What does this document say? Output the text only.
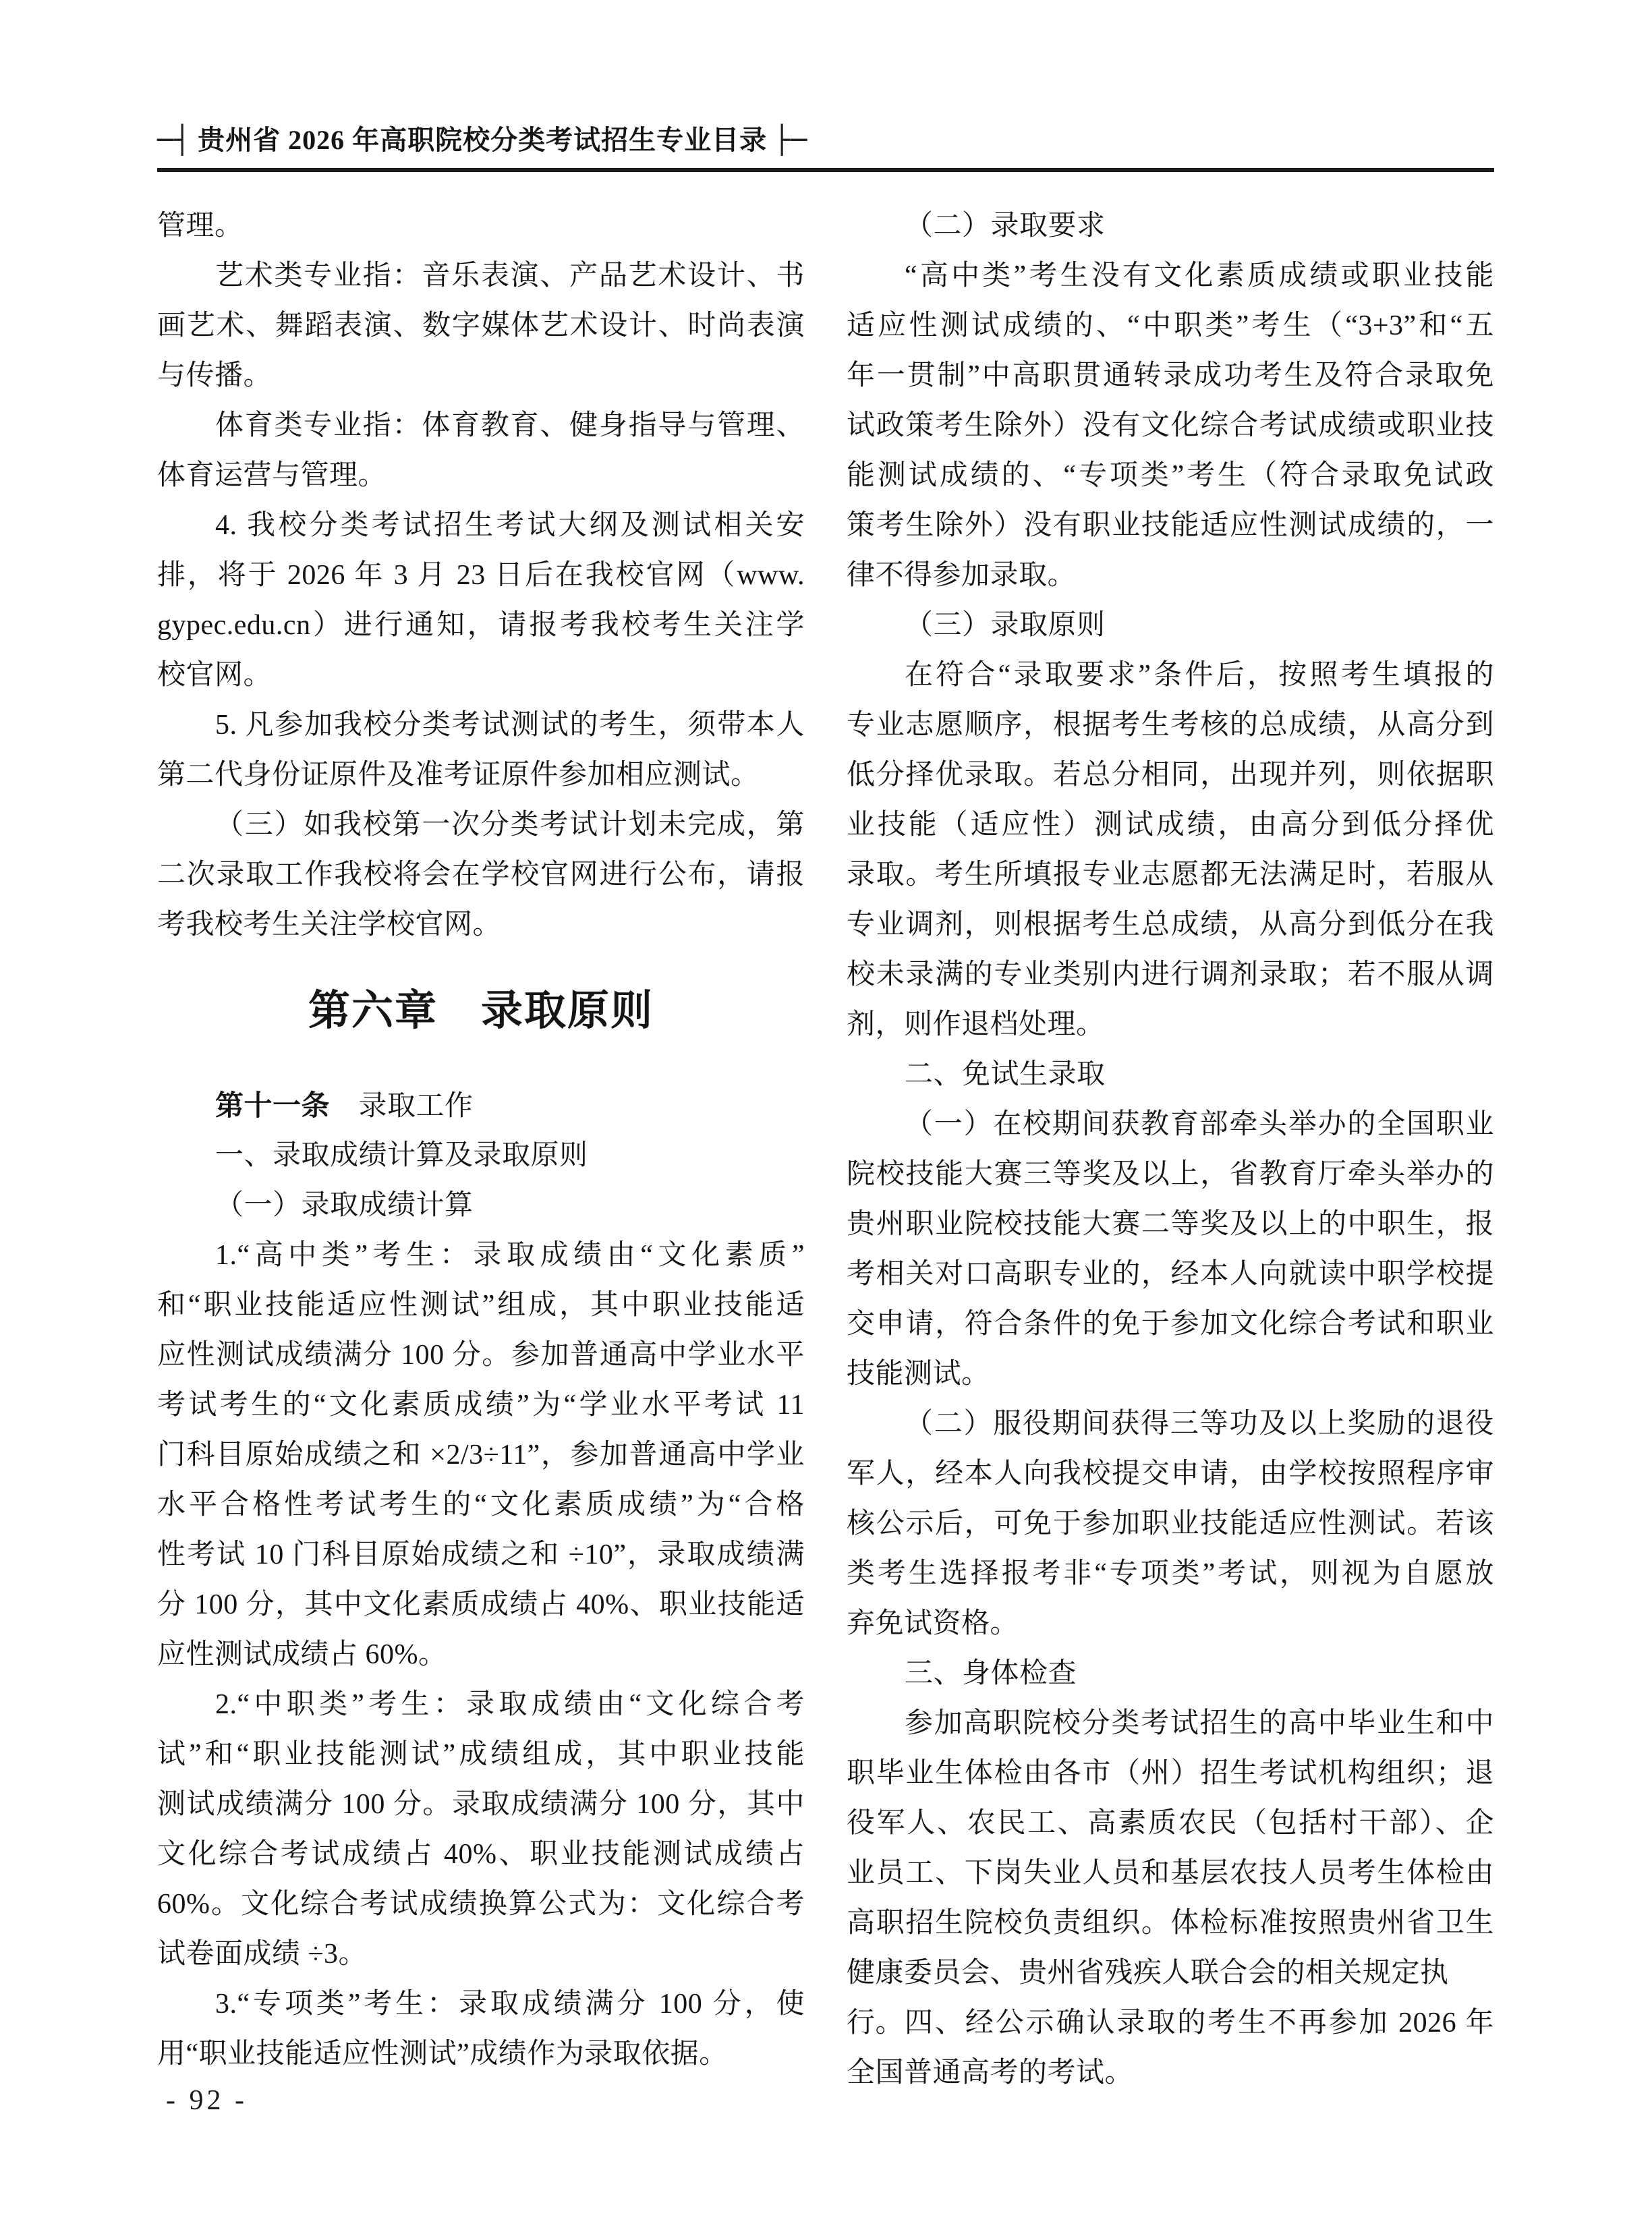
─┤ 贵州省 2026 年高职院校分类考试招生专业目录 ├─
管理。
艺术类专业指：音乐表演、产品艺术设计、书
画艺术、舞蹈表演、数字媒体艺术设计、时尚表演
与传播。
体育类专业指：体育教育、健身指导与管理、
体育运营与管理。
4. 我校分类考试招生考试大纲及测试相关安
排，将于 2026 年 3 月 23 日后在我校官网（www.
gypec.edu.cn）进行通知，请报考我校考生关注学
校官网。
5. 凡参加我校分类考试测试的考生，须带本人
第二代身份证原件及准考证原件参加相应测试。
（三）如我校第一次分类考试计划未完成，第
二次录取工作我校将会在学校官网进行公布，请报
考我校考生关注学校官网。
第六章　录取原则
第十一条　录取工作
一、录取成绩计算及录取原则
（一）录取成绩计算
1.“高中类”考生：录取成绩由“文化素质”
和“职业技能适应性测试”组成，其中职业技能适
应性测试成绩满分 100 分。参加普通高中学业水平
考试考生的“文化素质成绩”为“学业水平考试 11
门科目原始成绩之和 ×2/3÷11”，参加普通高中学业
水平合格性考试考生的“文化素质成绩”为“合格
性考试 10 门科目原始成绩之和 ÷10”，录取成绩满
分 100 分，其中文化素质成绩占 40%、职业技能适
应性测试成绩占 60%。
2.“中职类”考生：录取成绩由“文化综合考
试”和“职业技能测试”成绩组成，其中职业技能
测试成绩满分 100 分。录取成绩满分 100 分，其中
文化综合考试成绩占 40%、职业技能测试成绩占
60%。文化综合考试成绩换算公式为：文化综合考
试卷面成绩 ÷3。
3.“专项类”考生：录取成绩满分 100 分，使
用“职业技能适应性测试”成绩作为录取依据。
（二）录取要求
“高中类”考生没有文化素质成绩或职业技能
适应性测试成绩的、“中职类”考生（“3+3”和“五
年一贯制”中高职贯通转录成功考生及符合录取免
试政策考生除外）没有文化综合考试成绩或职业技
能测试成绩的、“专项类”考生（符合录取免试政
策考生除外）没有职业技能适应性测试成绩的，一
律不得参加录取。
（三）录取原则
在符合“录取要求”条件后，按照考生填报的
专业志愿顺序，根据考生考核的总成绩，从高分到
低分择优录取。若总分相同，出现并列，则依据职
业技能（适应性）测试成绩，由高分到低分择优
录取。考生所填报专业志愿都无法满足时，若服从
专业调剂，则根据考生总成绩，从高分到低分在我
校未录满的专业类别内进行调剂录取；若不服从调
剂，则作退档处理。
二、免试生录取
（一）在校期间获教育部牵头举办的全国职业
院校技能大赛三等奖及以上，省教育厅牵头举办的
贵州职业院校技能大赛二等奖及以上的中职生，报
考相关对口高职专业的，经本人向就读中职学校提
交申请，符合条件的免于参加文化综合考试和职业
技能测试。
（二）服役期间获得三等功及以上奖励的退役
军人，经本人向我校提交申请，由学校按照程序审
核公示后，可免于参加职业技能适应性测试。若该
类考生选择报考非“专项类”考试，则视为自愿放
弃免试资格。
三、身体检查
参加高职院校分类考试招生的高中毕业生和中
职毕业生体检由各市（州）招生考试机构组织；退
役军人、农民工、高素质农民（包括村干部）、企
业员工、下岗失业人员和基层农技人员考生体检由
高职招生院校负责组织。体检标准按照贵州省卫生
健康委员会、贵州省残疾人联合会的相关规定执行。 四、经公示确认录取的考生不再参加 2026 年
全国普通高考的考试。
- 92 -
